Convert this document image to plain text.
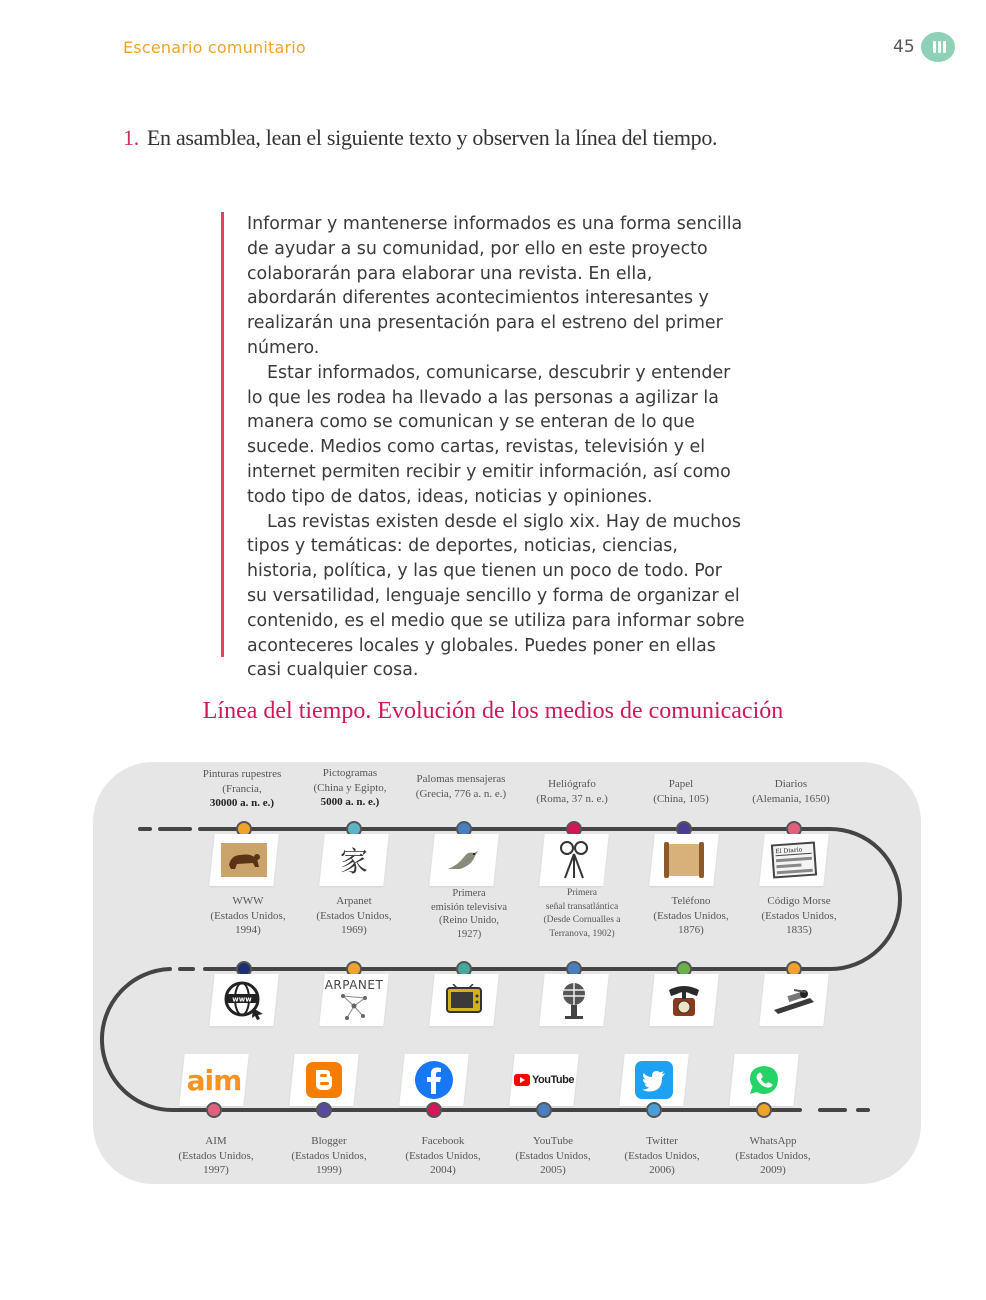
Escenario comunitario	45
1. En asamblea, lean el siguiente texto y observen la línea del tiempo.

Informar y mantenerse informados es una forma sencilla de ayudar a su comunidad, por ello en este proyecto colaborarán para elaborar una revista. En ella, abordarán diferentes acontecimientos interesantes y realizarán una presentación para el estreno del primer número.

Estar informados, comunicarse, descubrir y entender lo que les rodea ha llevado a las personas a agilizar la manera como se comunican y se enteran de lo que sucede. Medios como cartas, revistas, televisión y el internet permiten recibir y emitir información, así como todo tipo de datos, ideas, noticias y opiniones.

Las revistas existen desde el siglo xix. Hay de muchos tipos y temáticas: de deportes, noticias, ciencias, historia, política, y las que tienen un poco de todo. Por su versatilidad, lenguaje sencillo y forma de organizar el contenido, es el medio que se utiliza para informar sobre aconteceres locales y globales. Puedes poner en ellas casi cualquier cosa.

Línea del tiempo. Evolución de los medios de comunicación
Pinturas rupestres
(Francia,
30000 a. n. e.)
Pictogramas
(China y Egipto,
5000 a. n. e.)
Palomas mensajeras
(Grecia, 776 a. n. e.)
Heliógrafo
(Roma, 37 n. e.)
Papel
(China, 105)
Diarios
(Alemania, 1650)
家	El Diario
WWW
(Estados Unidos,
1994)
Arpanet
(Estados Unidos,
1969)
Primera
emisión televisiva
(Reino Unido,
1927)
Primera
señal transatlántica
(Desde Cornualles a
Terranova, 1902)
Teléfono
(Estados Unidos,
1876)
Código Morse
(Estados Unidos,
1835)
www
ARPANET
aim	YouTube
AIM
(Estados Unidos,
1997)
Blogger
(Estados Unidos,
1999)
Facebook
(Estados Unidos,
2004)
YouTube
(Estados Unidos,
2005)
Twitter
(Estados Unidos,
2006)
WhatsApp
(Estados Unidos,
2009)
